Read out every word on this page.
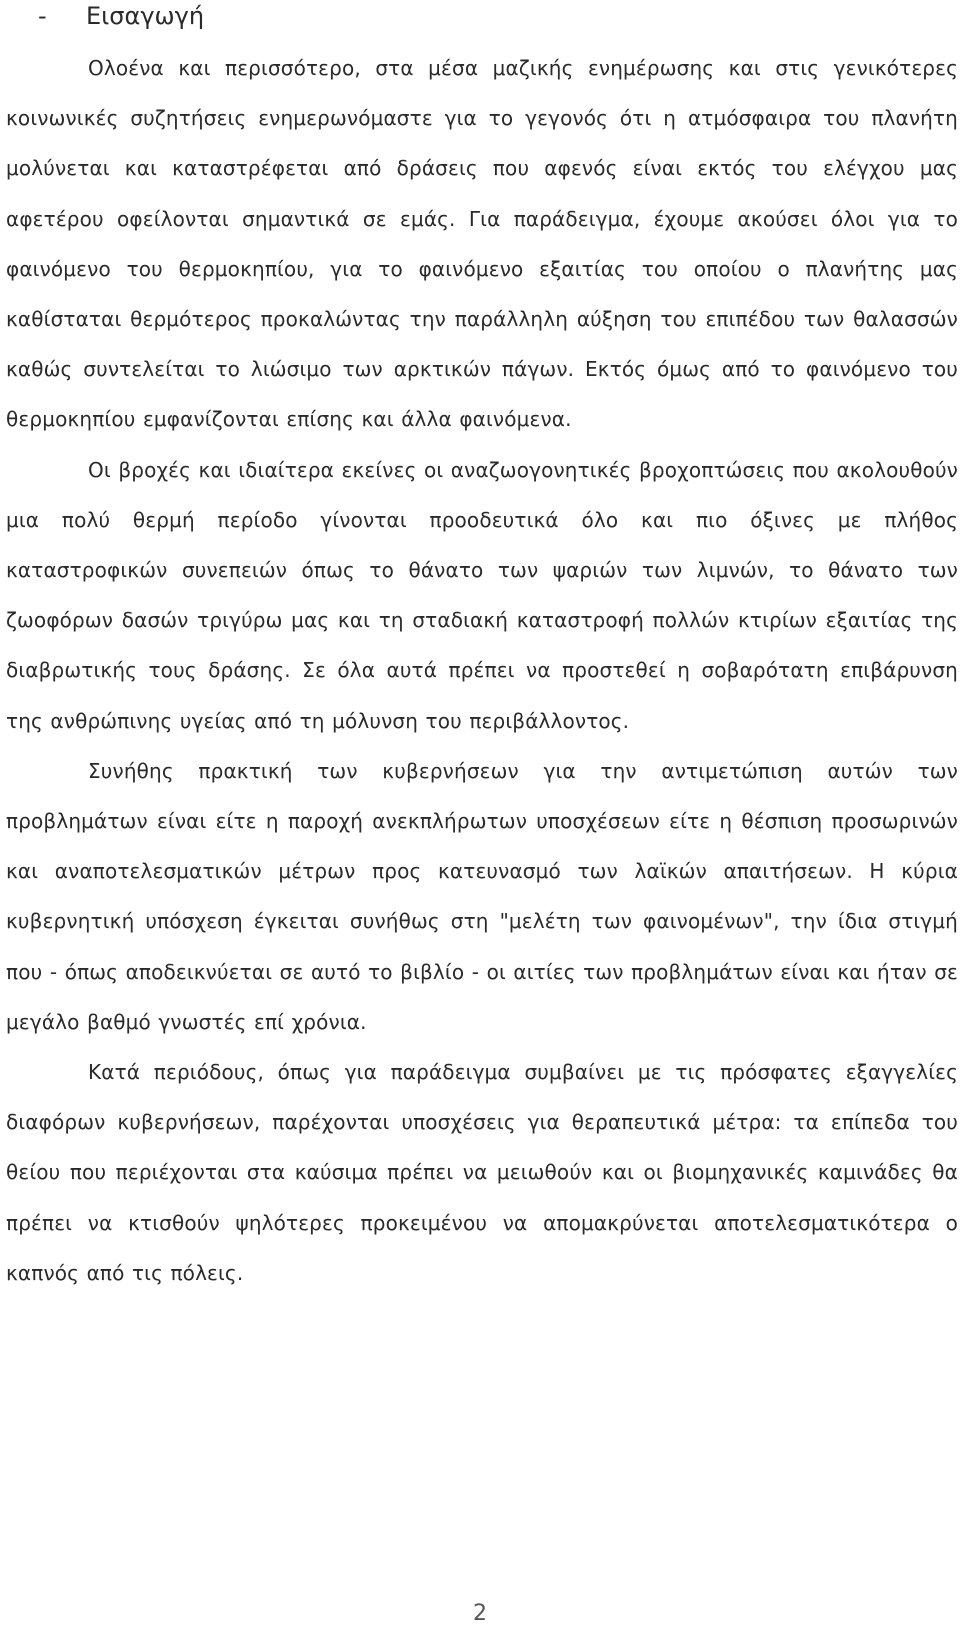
- Εισαγωγή

Ολοένα και περισσότερο, στα μέσα μαζικής ενημέρωσης και στις γενικότερες κοινωνικές συζητήσεις ενημερωνόμαστε για το γεγονός ότι η ατμόσφαιρα του πλανήτη μολύνεται και καταστρέφεται από δράσεις που αφενός είναι εκτός του ελέγχου μας αφετέρου οφείλονται σημαντικά σε εμάς. Για παράδειγμα, έχουμε ακούσει όλοι για το φαινόμενο του θερμοκηπίου, για το φαινόμενο εξαιτίας του οποίου ο πλανήτης μας καθίσταται θερμότερος προκαλώντας την παράλληλη αύξηση του επιπέδου των θαλασσών καθώς συντελείται το λιώσιμο των αρκτικών πάγων. Εκτός όμως από το φαινόμενο του θερμοκηπίου εμφανίζονται επίσης και άλλα φαινόμενα.

Οι βροχές και ιδιαίτερα εκείνες οι αναζωογονητικές βροχοπτώσεις που ακολουθούν μια πολύ θερμή περίοδο γίνονται προοδευτικά όλο και πιο όξινες με πλήθος καταστροφικών συνεπειών όπως το θάνατο των ψαριών των λιμνών, το θάνατο των ζωοφόρων δασών τριγύρω μας και τη σταδιακή καταστροφή πολλών κτιρίων εξαιτίας της διαβρωτικής τους δράσης. Σε όλα αυτά πρέπει να προστεθεί η σοβαρότατη επιβάρυνση της ανθρώπινης υγείας από τη μόλυνση του περιβάλλοντος.

Συνήθης πρακτική των κυβερνήσεων για την αντιμετώπιση αυτών των προβλημάτων είναι είτε η παροχή ανεκπλήρωτων υποσχέσεων είτε η θέσπιση προσωρινών και αναποτελεσματικών μέτρων προς κατευνασμό των λαϊκών απαιτήσεων. Η κύρια κυβερνητική υπόσχεση έγκειται συνήθως στη "μελέτη των φαινομένων", την ίδια στιγμή που - όπως αποδεικνύεται σε αυτό το βιβλίο - οι αιτίες των προβλημάτων είναι και ήταν σε μεγάλο βαθμό γνωστές επί χρόνια.

Κατά περιόδους, όπως για παράδειγμα συμβαίνει με τις πρόσφατες εξαγγελίες διαφόρων κυβερνήσεων, παρέχονται υποσχέσεις για θεραπευτικά μέτρα: τα επίπεδα του θείου που περιέχονται στα καύσιμα πρέπει να μειωθούν και οι βιομηχανικές καμινάδες θα πρέπει να κτισθούν ψηλότερες προκειμένου να απομακρύνεται αποτελεσματικότερα ο καπνός από τις πόλεις.

2
